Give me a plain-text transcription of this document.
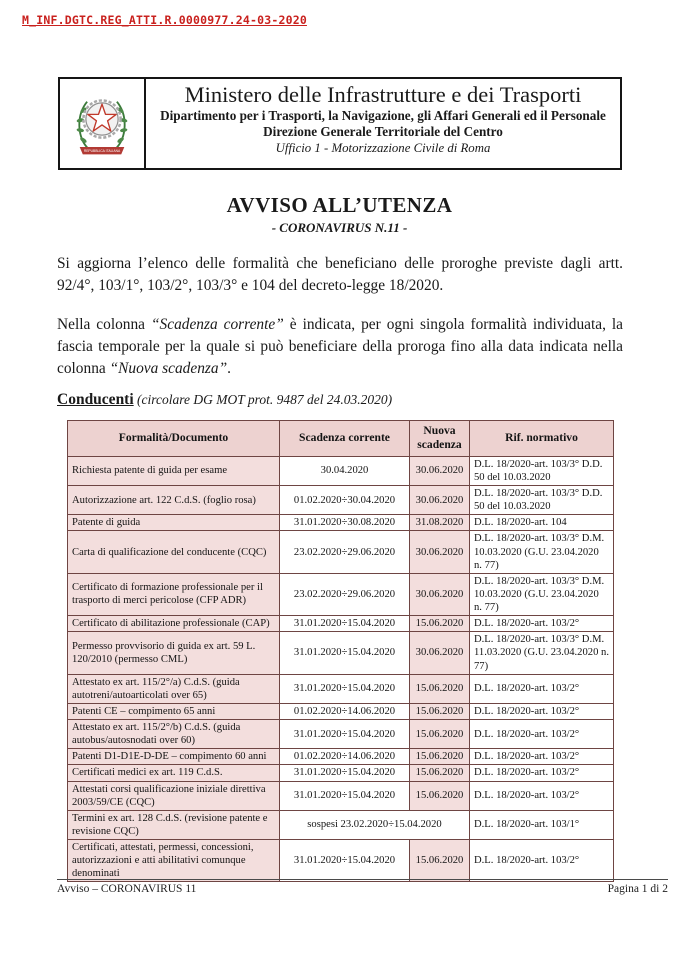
M_INF.DGTC.REG_ATTI.R.0000977.24-03-2020
REPUBBLICA ITALIANA
Ministero delle Infrastrutture e dei Trasporti
Dipartimento per i Trasporti, la Navigazione, gli Affari Generali ed il Personale
Direzione Generale Territoriale del Centro
Ufficio 1 - Motorizzazione Civile di Roma
AVVISO ALL’UTENZA
- CORONAVIRUS N.11 -

Si aggiorna l’elenco delle formalità che beneficiano delle proroghe previste dagli artt. 92/4°, 103/1°, 103/2°, 103/3° e 104 del decreto-legge 18/2020.

Nella colonna “Scadenza corrente” è indicata, per ogni singola formalità individuata, la fascia temporale per la quale si può beneficiare della proroga fino alla data indicata nella colonna “Nuova scadenza”.

Conducenti (circolare DG MOT prot. 9487 del 24.03.2020)
Formalità/Documento	Scadenza corrente	Nuova scadenza	Rif. normativo
Richiesta patente di guida per esame	30.04.2020	30.06.2020	D.L. 18/2020-art. 103/3° D.D. 50 del 10.03.2020
Autorizzazione art. 122 C.d.S. (foglio rosa)	01.02.2020÷30.04.2020	30.06.2020	D.L. 18/2020-art. 103/3° D.D. 50 del 10.03.2020
Patente di guida	31.01.2020÷30.08.2020	31.08.2020	D.L. 18/2020-art. 104
Carta di qualificazione del conducente (CQC)	23.02.2020÷29.06.2020	30.06.2020	D.L. 18/2020-art. 103/3° D.M. 10.03.2020 (G.U. 23.04.2020 n. 77)
Certificato di formazione professionale per il trasporto di merci pericolose (CFP ADR)	23.02.2020÷29.06.2020	30.06.2020	D.L. 18/2020-art. 103/3° D.M. 10.03.2020 (G.U. 23.04.2020 n. 77)
Certificato di abilitazione professionale (CAP)	31.01.2020÷15.04.2020	15.06.2020	D.L. 18/2020-art. 103/2°
Permesso provvisorio di guida ex art. 59 L. 120/2010 (permesso CML)	31.01.2020÷15.04.2020	30.06.2020	D.L. 18/2020-art. 103/3° D.M. 11.03.2020 (G.U. 23.04.2020 n. 77)
Attestato ex art. 115/2°/a) C.d.S. (guida autotreni/autoarticolati over 65)	31.01.2020÷15.04.2020	15.06.2020	D.L. 18/2020-art. 103/2°
Patenti CE – compimento 65 anni	01.02.2020÷14.06.2020	15.06.2020	D.L. 18/2020-art. 103/2°
Attestato ex art. 115/2°/b) C.d.S. (guida autobus/autosnodati over 60)	31.01.2020÷15.04.2020	15.06.2020	D.L. 18/2020-art. 103/2°
Patenti D1-D1E-D-DE – compimento 60 anni	01.02.2020÷14.06.2020	15.06.2020	D.L. 18/2020-art. 103/2°
Certificati medici ex art. 119 C.d.S.	31.01.2020÷15.04.2020	15.06.2020	D.L. 18/2020-art. 103/2°
Attestati corsi qualificazione iniziale direttiva 2003/59/CE (CQC)	31.01.2020÷15.04.2020	15.06.2020	D.L. 18/2020-art. 103/2°
Termini ex art. 128 C.d.S. (revisione patente e revisione CQC)	sospesi 23.02.2020÷15.04.2020		D.L. 18/2020-art. 103/1°
Certificati, attestati, permessi, concessioni, autorizzazioni e atti abilitativi comunque denominati	31.01.2020÷15.04.2020	15.06.2020	D.L. 18/2020-art. 103/2°
Avviso – CORONAVIRUS 11	Pagina 1 di 2
